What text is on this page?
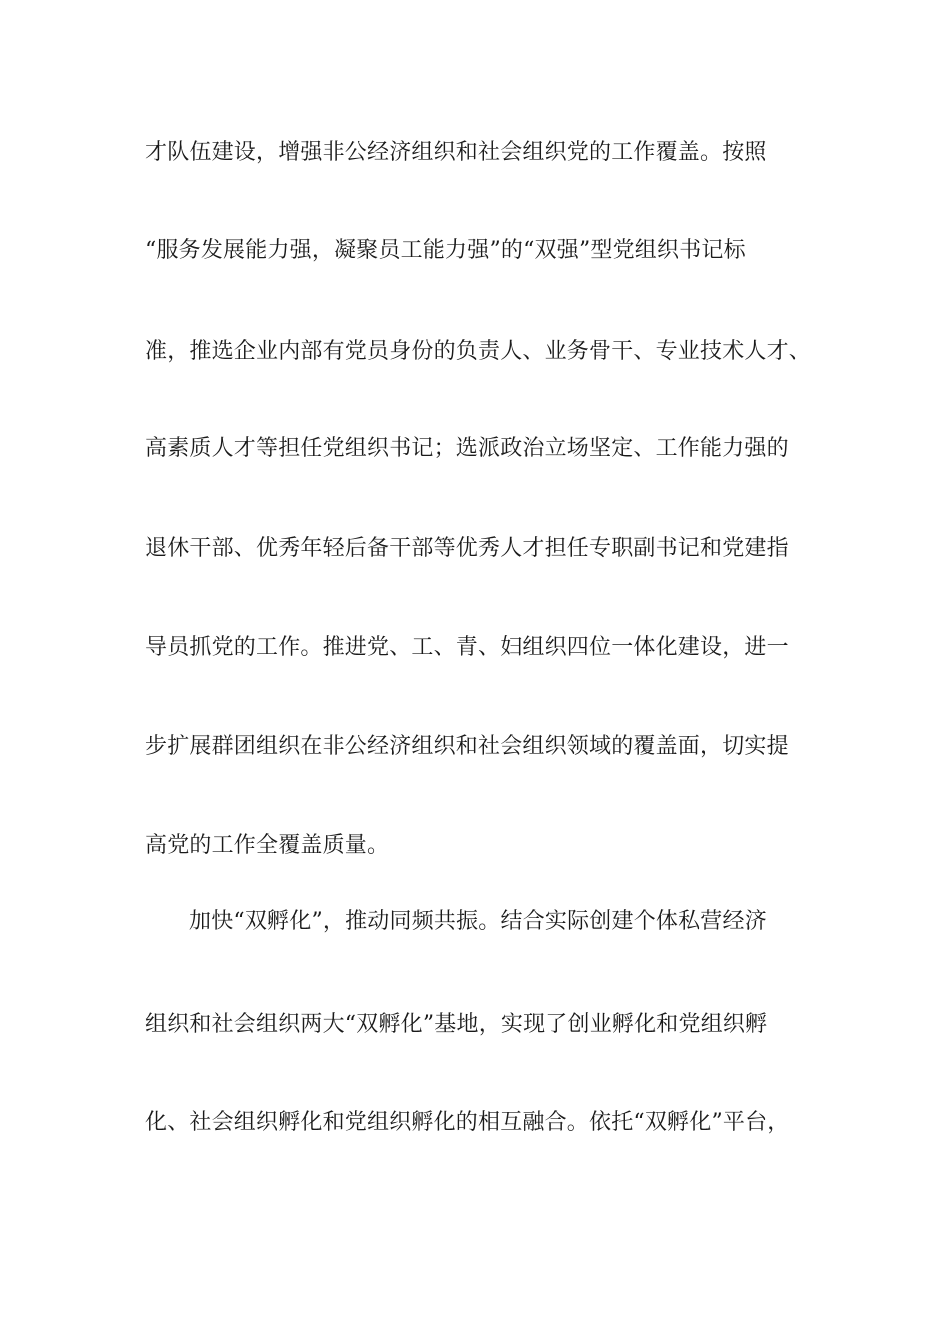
才队伍建设，增强非公经济组织和社会组织党的工作覆盖。按照
“服务发展能力强，凝聚员工能力强”的“双强”型党组织书记标
准，推选企业内部有党员身份的负责人、业务骨干、专业技术人才、
高素质人才等担任党组织书记；选派政治立场坚定、工作能力强的
退休干部、优秀年轻后备干部等优秀人才担任专职副书记和党建指
导员抓党的工作。推进党、工、青、妇组织四位一体化建设，进一
步扩展群团组织在非公经济组织和社会组织领域的覆盖面，切实提
高党的工作全覆盖质量。
加快“双孵化”，推动同频共振。结合实际创建个体私营经济
组织和社会组织两大“双孵化”基地，实现了创业孵化和党组织孵
化、社会组织孵化和党组织孵化的相互融合。依托“双孵化”平台，
